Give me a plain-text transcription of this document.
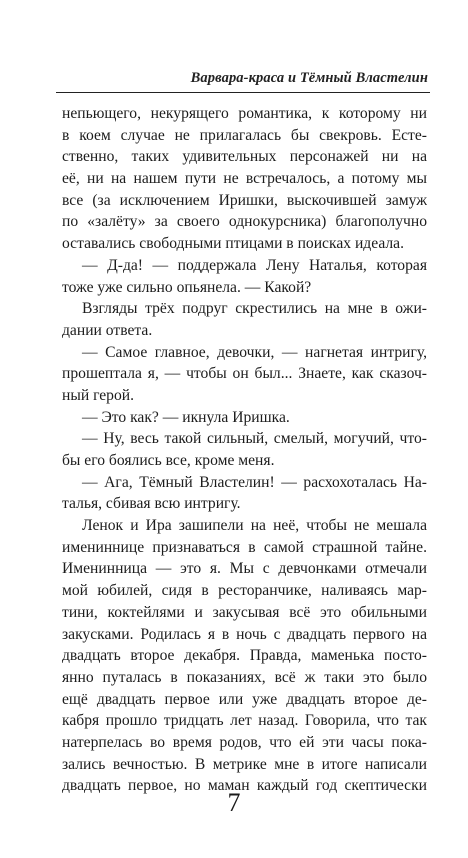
Варвара-краса и Тёмный Властелин
непьющего, некурящего романтика, к которому ни
в коем случае не прилагалась бы свекровь. Есте-
ственно, таких удивительных персонажей ни на
её, ни на нашем пути не встречалось, а потому мы
все (за исключением Иришки, выскочившей замуж
по «залёту» за своего однокурсника) благополучно
оставались свободными птицами в поисках идеала.
— Д-да! — поддержала Лену Наталья, которая
тоже уже сильно опьянела. — Какой?
Взгляды трёх подруг скрестились на мне в ожи-
дании ответа.
— Самое главное, девочки, — нагнетая интригу,
прошептала я, — чтобы он был... Знаете, как сказоч-
ный герой.
— Это как? — икнула Иришка.
— Ну, весь такой сильный, смелый, могучий, что-
бы его боялись все, кроме меня.
— Ага, Тёмный Властелин! — расхохоталась На-
талья, сбивая всю интригу.
Ленок и Ира зашипели на неё, чтобы не мешала
имениннице признаваться в самой страшной тайне.
Именинница — это я. Мы с девчонками отмечали
мой юбилей, сидя в ресторанчике, наливаясь мар-
тини, коктейлями и закусывая всё это обильными
закусками. Родилась я в ночь с двадцать первого на
двадцать второе декабря. Правда, маменька посто-
янно путалась в показаниях, всё ж таки это было
ещё двадцать первое или уже двадцать второе де-
кабря прошло тридцать лет назад. Говорила, что так
натерпелась во время родов, что ей эти часы пока-
зались вечностью. В метрике мне в итоге написали
двадцать первое, но маман каждый год скептически
7
